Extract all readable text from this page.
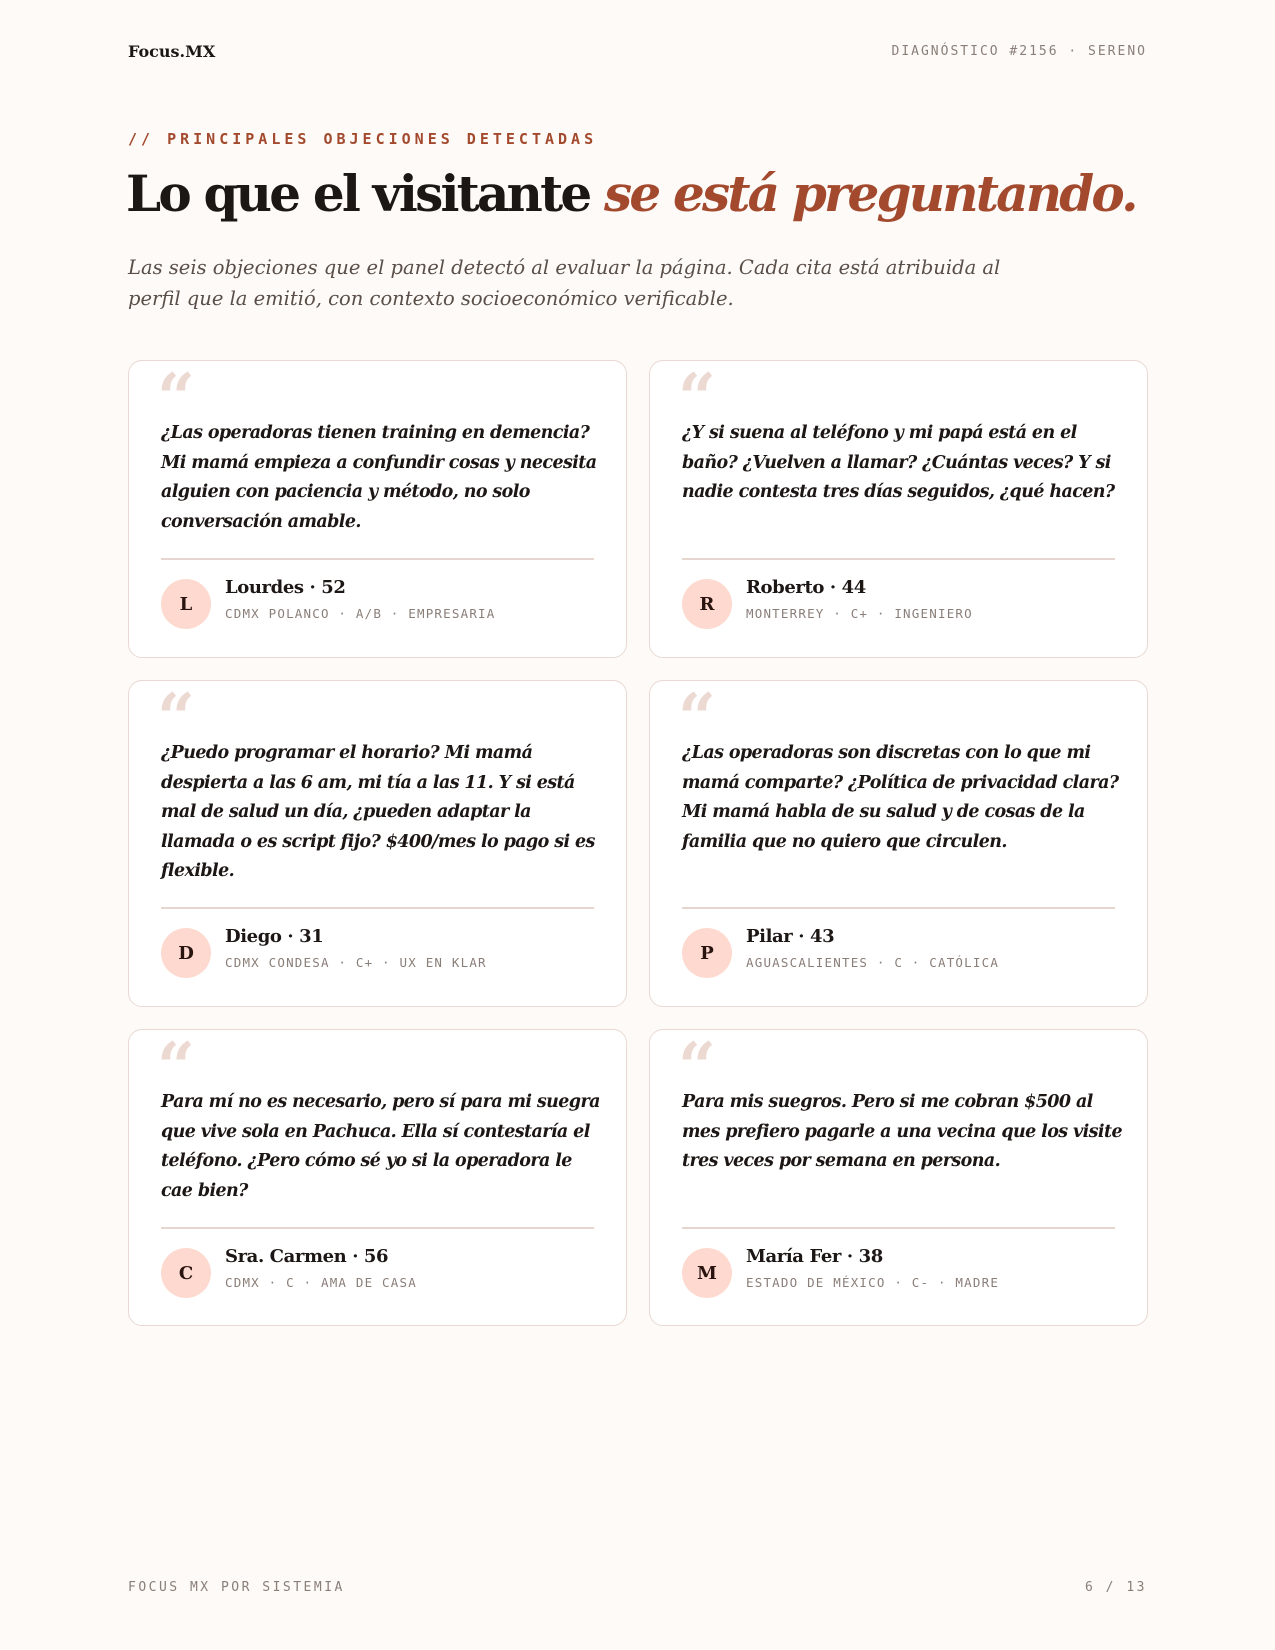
Focus.MX	DIAGNÓSTICO #2156 · SERENO
// PRINCIPALES OBJECIONES DETECTADAS
Lo que el visitante se está preguntando.

Las seis objeciones que el panel detectó al evaluar la página. Cada cita está atribuida al perfil que la emitió, con contexto socioeconómico verificable.

“

¿Las operadoras tienen training en demencia? Mi mamá empieza a confundir cosas y necesita alguien con paciencia y método, no solo conversación amable.

L
Lourdes · 52
CDMX POLANCO · A/B · EMPRESARIA
“

¿Y si suena al teléfono y mi papá está en el baño? ¿Vuelven a llamar? ¿Cuántas veces? Y si nadie contesta tres días seguidos, ¿qué hacen?

R
Roberto · 44
MONTERREY · C+ · INGENIERO
“

¿Puedo programar el horario? Mi mamá despierta a las 6 am, mi tía a las 11. Y si está mal de salud un día, ¿pueden adaptar la llamada o es script fijo? $400/mes lo pago si es flexible.

D
Diego · 31
CDMX CONDESA · C+ · UX EN KLAR
“

¿Las operadoras son discretas con lo que mi mamá comparte? ¿Política de privacidad clara? Mi mamá habla de su salud y de cosas de la familia que no quiero que circulen.

P
Pilar · 43
AGUASCALIENTES · C · CATÓLICA
“

Para mí no es necesario, pero sí para mi suegra que vive sola en Pachuca. Ella sí contestaría el teléfono. ¿Pero cómo sé yo si la operadora le cae bien?

C
Sra. Carmen · 56
CDMX · C · AMA DE CASA
“

Para mis suegros. Pero si me cobran $500 al mes prefiero pagarle a una vecina que los visite tres veces por semana en persona.

M
María Fer · 38
ESTADO DE MÉXICO · C- · MADRE
FOCUS MX POR SISTEMIA	6 / 13
